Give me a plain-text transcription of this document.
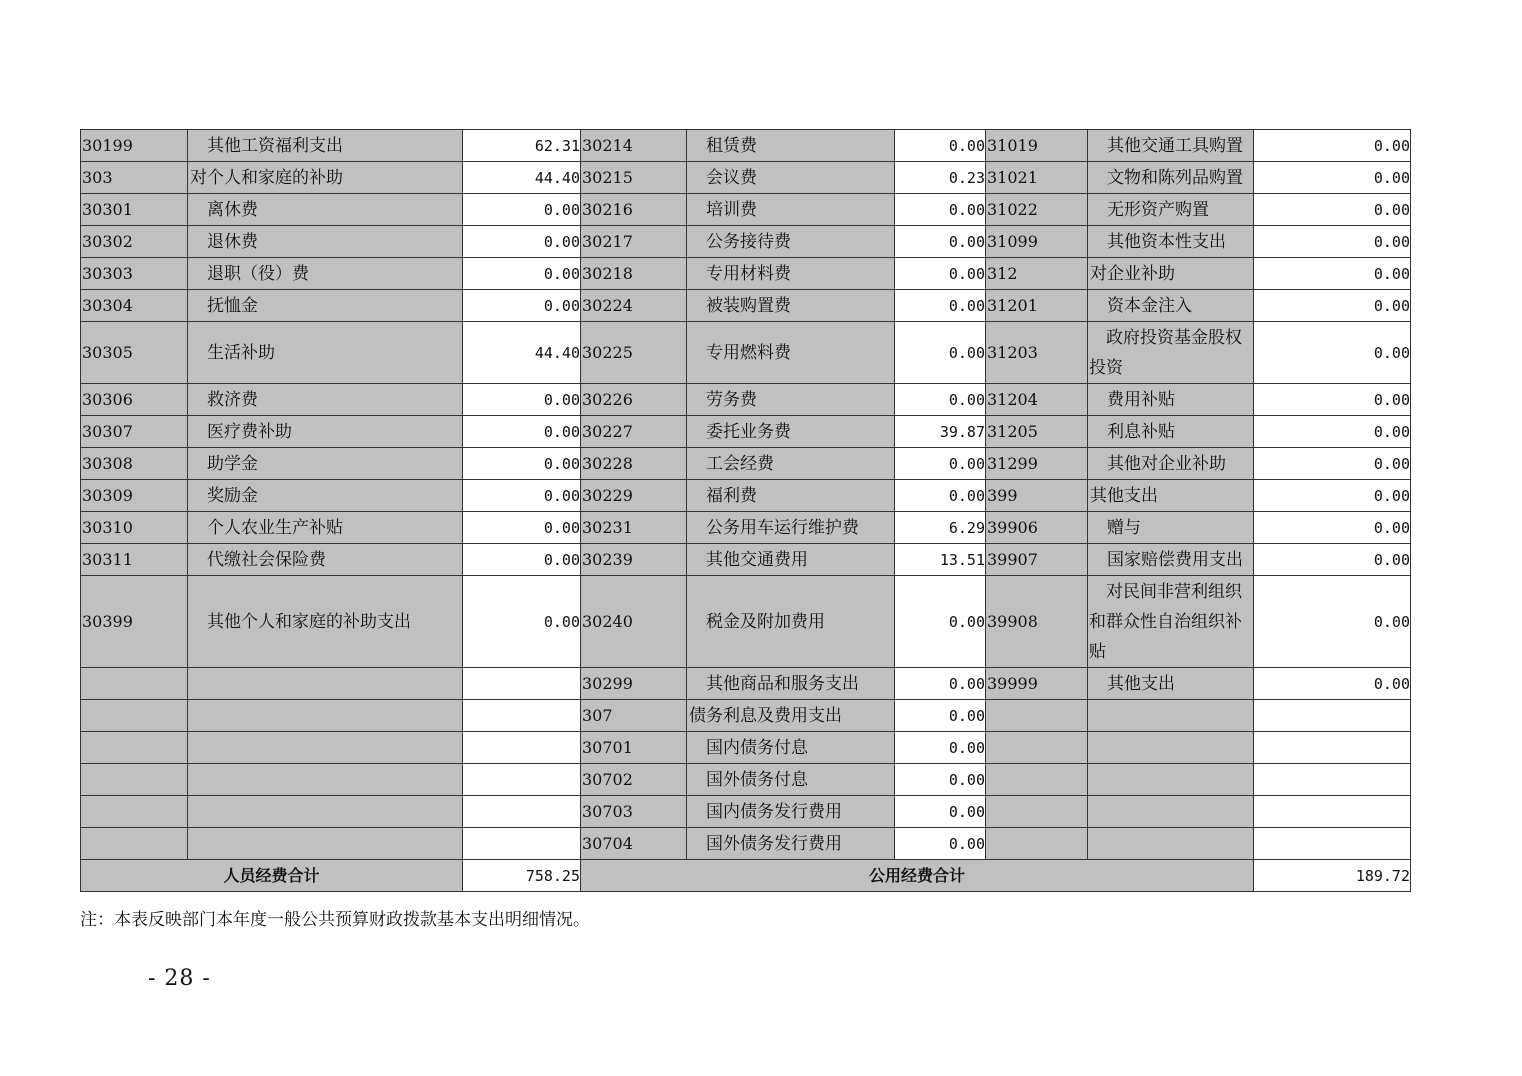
30199	　其他工资福利支出	62.31	30214	　租赁费	0.00	31019	　其他交通工具购置	0.00
303	对个人和家庭的补助	44.40	30215	　会议费	0.23	31021	　文物和陈列品购置	0.00
30301	　离休费	0.00	30216	　培训费	0.00	31022	　无形资产购置	0.00
30302	　退休费	0.00	30217	　公务接待费	0.00	31099	　其他资本性支出	0.00
30303	　退职（役）费	0.00	30218	　专用材料费	0.00	312	对企业补助	0.00
30304	　抚恤金	0.00	30224	　被装购置费	0.00	31201	　资本金注入	0.00
30305	　生活补助	44.40	30225	　专用燃料费	0.00	31203	　政府投资基金股权投资	0.00
30306	　救济费	0.00	30226	　劳务费	0.00	31204	　费用补贴	0.00
30307	　医疗费补助	0.00	30227	　委托业务费	39.87	31205	　利息补贴	0.00
30308	　助学金	0.00	30228	　工会经费	0.00	31299	　其他对企业补助	0.00
30309	　奖励金	0.00	30229	　福利费	0.00	399	其他支出	0.00
30310	　个人农业生产补贴	0.00	30231	　公务用车运行维护费	6.29	39906	　赠与	0.00
30311	　代缴社会保险费	0.00	30239	　其他交通费用	13.51	39907	　国家赔偿费用支出	0.00
30399	　其他个人和家庭的补助支出	0.00	30240	　税金及附加费用	0.00	39908	　对民间非营利组织和群众性自治组织补贴	0.00
			30299	　其他商品和服务支出	0.00	39999	　其他支出	0.00
			307	债务利息及费用支出	0.00			
			30701	　国内债务付息	0.00			
			30702	　国外债务付息	0.00			
			30703	　国内债务发行费用	0.00			
			30704	　国外债务发行费用	0.00			
人员经费合计		758.25	公用经费合计					189.72

注：本表反映部门本年度一般公共预算财政拨款基本支出明细情况。

- 28 -
